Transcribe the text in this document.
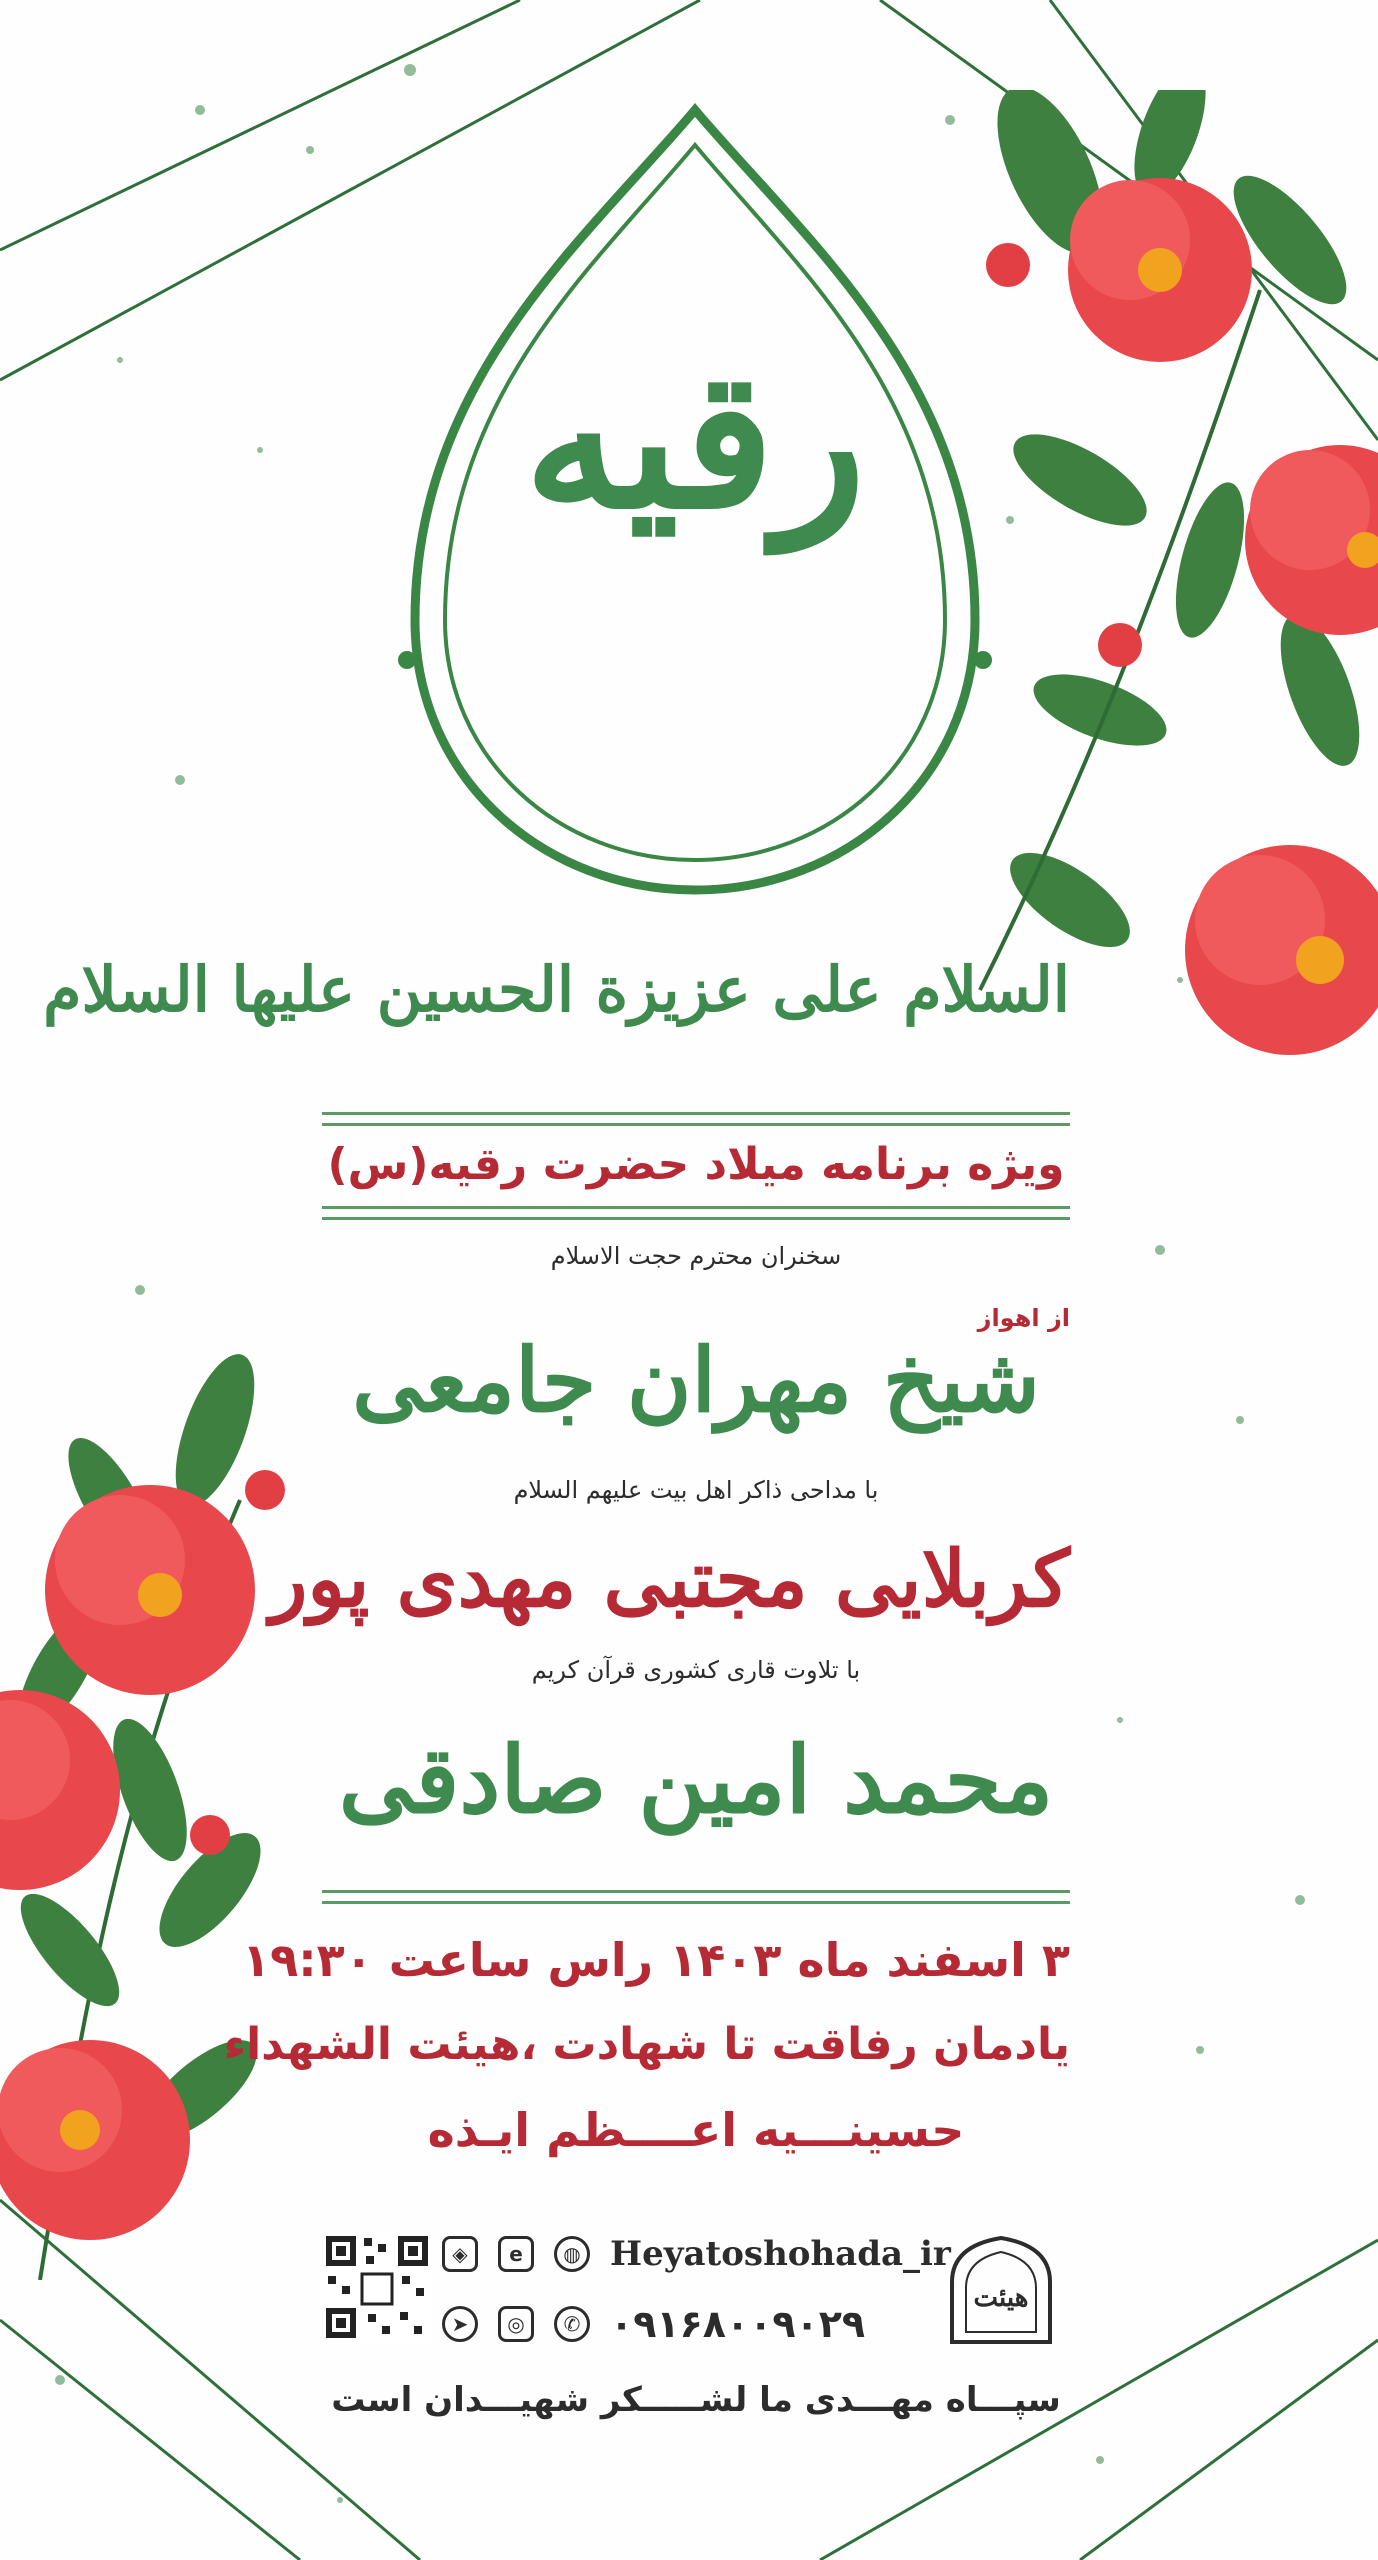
رقیه
السلام علی عزیزة الحسین علیها السلام
ویژه برنامه میلاد حضرت رقیه(س)
سخنران محترم حجت الاسلام
از اهواز
شیخ مهران جامعی
با مداحی ذاکر اهل بیت علیهم السلام
کربلایی مجتبی مهدی پور
با تلاوت قاری کشوری قرآن کریم
محمد امین صادقی
۳ اسفند ماه ۱۴۰۳ راس ساعت ۱۹:۳۰
یادمان رفاقت تا شهادت ،هیئت الشهداء
حسینـــیه اعــــظم ایـذه
◈	e	◍ Heyatoshohada_ir
➤	◎	✆ ۰۹۱۶۸۰۰۹۰۲۹
هیئت
سپـــاه مهـــدی ما لشـــــکر شهیـــدان است
